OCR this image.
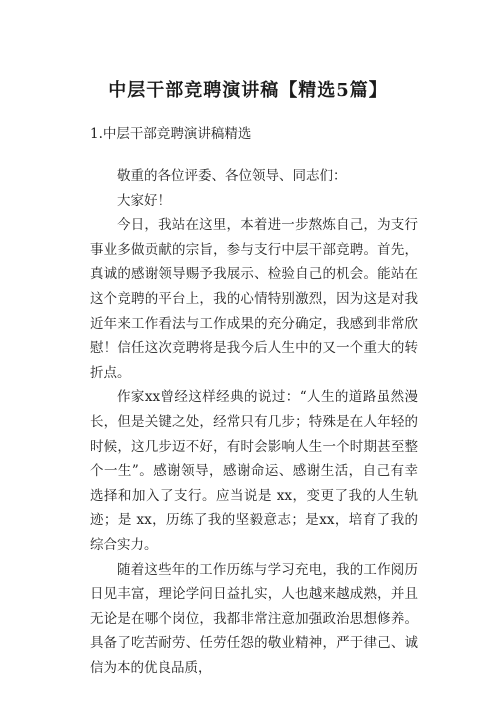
中层干部竞聘演讲稿【精选5篇】
1.中层干部竞聘演讲稿精选

敬重的各位评委、各位领导、同志们：

大家好！

今日，我站在这里，本着进一步熬炼自己，为支行事业多做贡献的宗旨，参与支行中层干部竞聘。首先，真诚的感谢领导赐予我展示、检验自己的机会。能站在这个竞聘的平台上，我的心情特别激烈，因为这是对我近年来工作看法与工作成果的充分确定，我感到非常欣慰！信任这次竞聘将是我今后人生中的又一个重大的转折点。

作家xx曾经这样经典的说过：“人生的道路虽然漫长，但是关键之处，经常只有几步；特殊是在人年轻的时候，这几步迈不好，有时会影响人生一个时期甚至整个一生”。感谢领导，感谢命运、感谢生活，自己有幸选择和加入了支行。应当说是 xx，变更了我的人生轨迹；是 xx，历练了我的坚毅意志；是xx，培育了我的综合实力。

随着这些年的工作历练与学习充电，我的工作阅历日见丰富，理论学问日益扎实，人也越来越成熟，并且无论是在哪个岗位，我都非常注意加强政治思想修养。具备了吃苦耐劳、任劳任怨的敬业精神，严于律己、诚信为本的优良品质，
